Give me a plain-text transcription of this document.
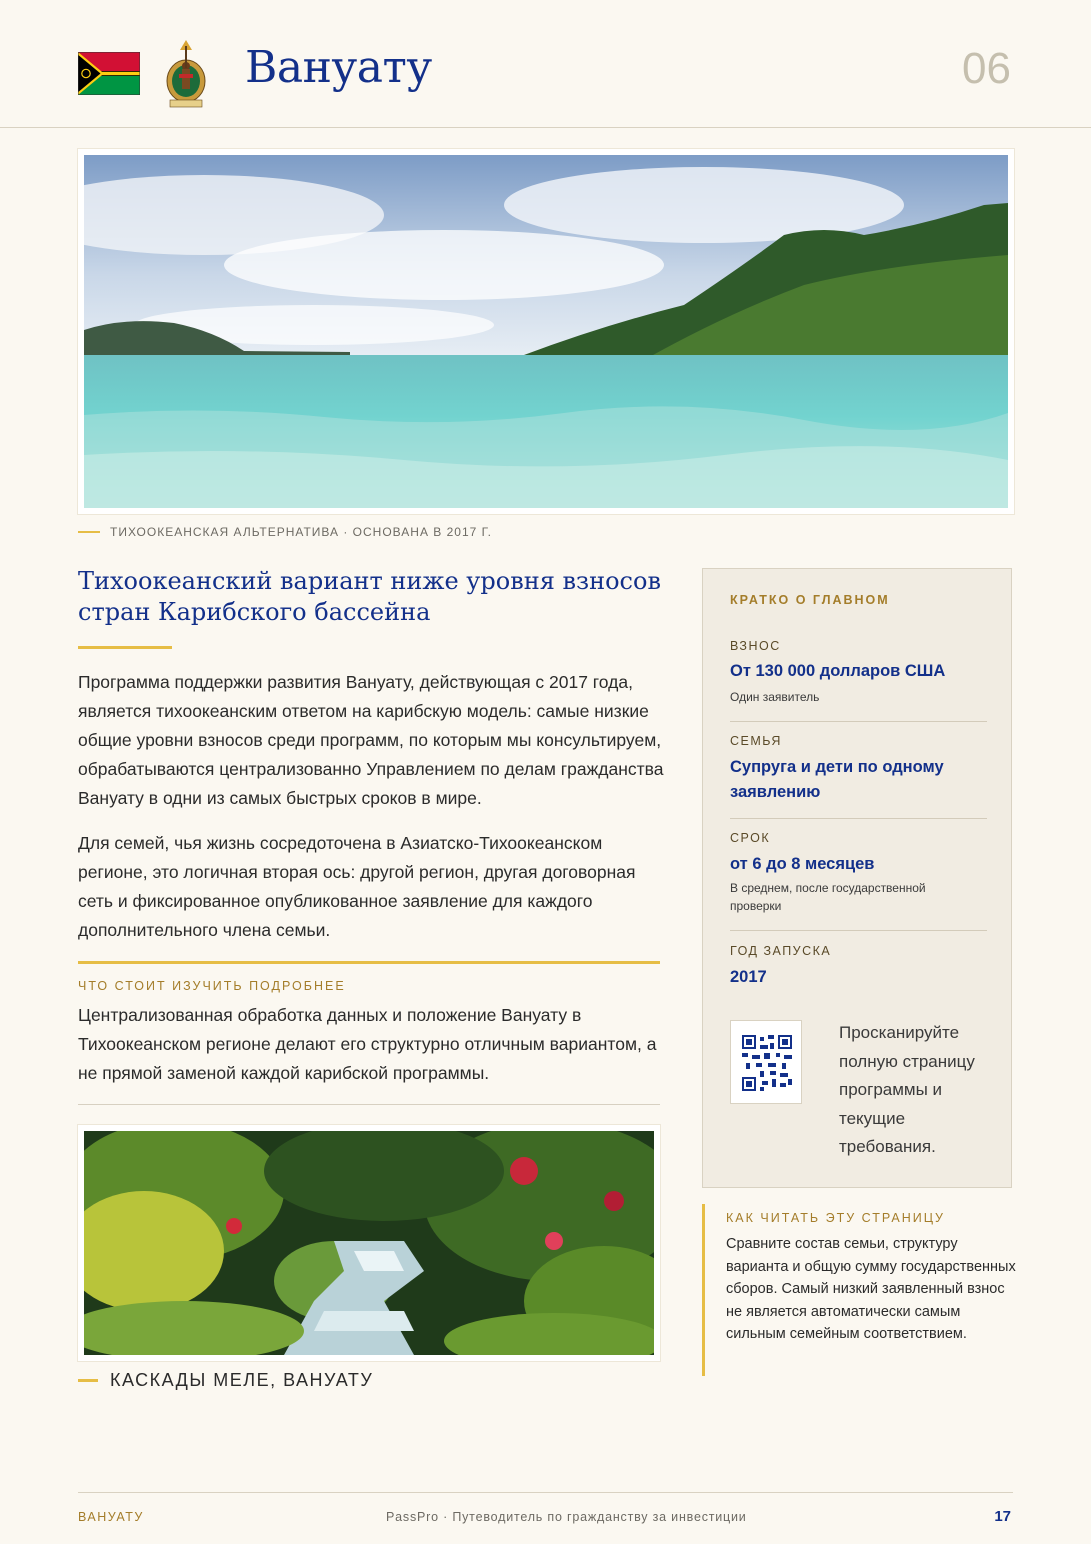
Вануату	06
ТИХООКЕАНСКАЯ АЛЬТЕРНАТИВА · ОСНОВАНА В 2017 Г.
Тихоокеанский вариант ниже уровня взносов стран Карибского бассейна
Программа поддержки развития Вануату, действующая с 2017 года, является тихоокеанским ответом на карибскую модель: самые низкие общие уровни взносов среди программ, по которым мы консультируем, обрабатываются централизованно Управлением по делам гражданства Вануату в одни из самых быстрых сроков в мире.
Для семей, чья жизнь сосредоточена в Азиатско-Тихоокеанском регионе, это логичная вторая ось: другой регион, другая договорная сеть и фиксированное опубликованное заявление для каждого дополнительного члена семьи.
ЧТО СТОИТ ИЗУЧИТЬ ПОДРОБНЕЕ
Централизованная обработка данных и положение Вануату в Тихоокеанском регионе делают его структурно отличным вариантом, а не прямой заменой каждой карибской программы.
КАСКАДЫ МЕЛЕ, ВАНУАТУ
КРАТКО О ГЛАВНОМ
ВЗНОС
От 130 000 долларов США
Один заявитель
СЕМЬЯ
Супруга и дети по одному заявлению
СРОК
от 6 до 8 месяцев
В среднем, после государственной проверки
ГОД ЗАПУСКА
2017
Просканируйте полную страницу программы и текущие требования.
КАК ЧИТАТЬ ЭТУ СТРАНИЦУ
Сравните состав семьи, структуру варианта и общую сумму государственных сборов. Самый низкий заявленный взнос не является автоматически самым сильным семейным соответствием.
ВАНУАТУ	PassPro · Путеводитель по гражданству за инвестиции	17
